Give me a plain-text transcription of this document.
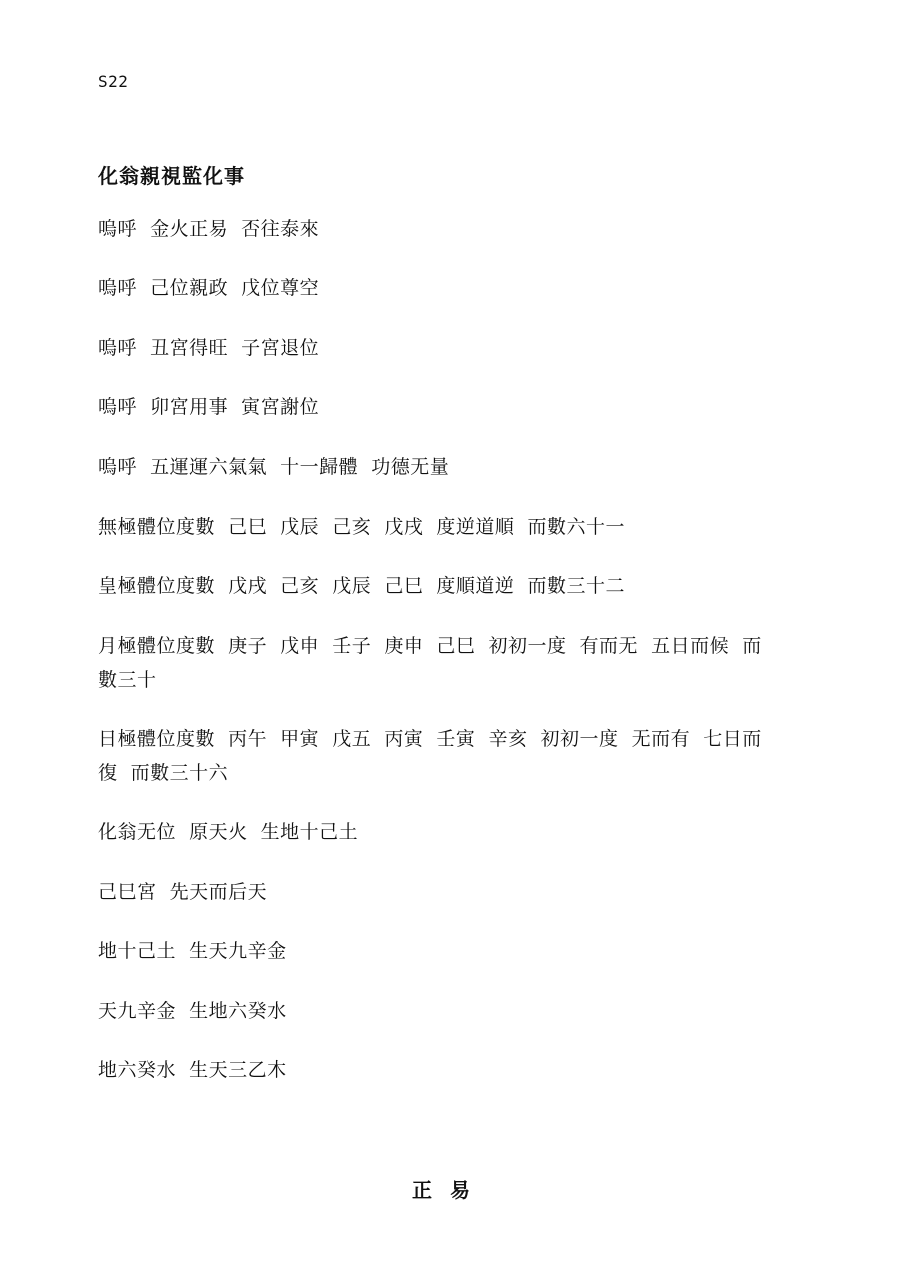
S22
化翁親視監化事
嗚呼  金火正易  否往泰來
嗚呼  己位親政  戊位尊空
嗚呼  丑宮得旺  子宮退位
嗚呼  卯宮用事  寅宮謝位
嗚呼  五運運六氣氣  十一歸體  功德无量
無極體位度數  己巳  戊辰  己亥  戊戌  度逆道順  而數六十一
皇極體位度數  戊戌  己亥  戊辰  己巳  度順道逆  而數三十二
月極體位度數  庚子  戊申  壬子  庚申  己巳  初初一度  有而无  五日而候  而數三十
日極體位度數  丙午  甲寅  戊五  丙寅  壬寅  辛亥  初初一度  无而有  七日而復  而數三十六
化翁无位  原天火  生地十己土
己巳宮  先天而后天
地十己土  生天九辛金
天九辛金  生地六癸水
地六癸水  生天三乙木
正易
